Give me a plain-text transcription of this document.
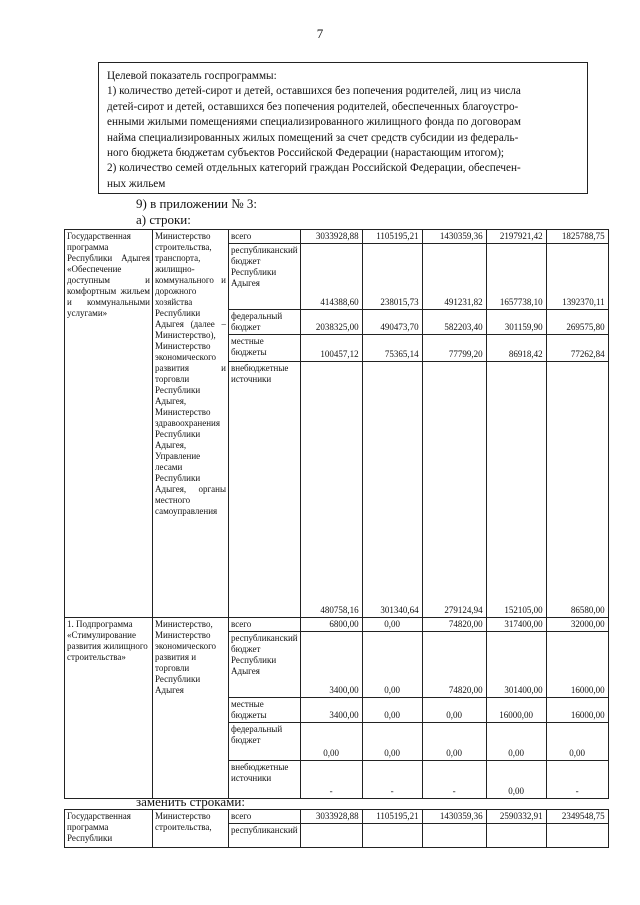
7

Целевой показатель госпрограммы:

1) количество детей-сирот и детей, оставшихся без попечения родителей, лиц из числа

детей-сирот и детей, оставшихся без попечения родителей, обеспеченных благоустро-

енными жилыми помещениями специализированного жилищного фонда по договорам

найма специализированных жилых помещений за счет средств субсидии из федераль-

ного бюджета бюджетам субъектов Российской Федерации (нарастающим итогом);

2) количество семей отдельных категорий граждан Российской Федерации, обеспечен-

ных жильем

9) в приложении № 3:
а) строки:
Государственная программа Республики Адыгея «Обеспечение доступным и комфортным жильем и коммунальными услугами»	Министерство строительства, транспорта, жилищно-коммунального и дорожного хозяйства Республики Адыгея (далее – Министерство), Министерство экономического развития и торговли Республики Адыгея, Министерство здравоохранения Республики Адыгея, Управление лесами Республики Адыгея, органы местного самоуправления	всего	3033928,88	1105195,21	1430359,36	2197921,42	1825788,75
		республиканский бюджет Республики Адыгея	414388,60	238015,73	491231,82	1657738,10	1392370,11
		федеральный бюджет	2038325,00	490473,70	582203,40	301159,90	269575,80
		местные бюджеты	100457,12	75365,14	77799,20	86918,42	77262,84
		внебюджетные источники	480758,16	301340,64	279124,94	152105,00	86580,00
1. Подпрограмма «Стимулирование развития жилищного строительства»	Министерство, Министерство экономического развития и торговли Республики Адыгея	всего	6800,00	0,00	74820,00	317400,00	32000,00
		республиканский бюджет Республики Адыгея	3400,00	0,00	74820,00	301400,00	16000,00
		местные бюджеты	3400,00	0,00	0,00	16000,00	16000,00
		федеральный бюджет	0,00	0,00	0,00	0,00	0,00
		внебюджетные источники	-	-	-	0,00	-
заменить строками:
Государственная программа Республики	Министерство строительства,	всего	3033928,88	1105195,21	1430359,36	2590332,91	2349548,75
		республиканский					
